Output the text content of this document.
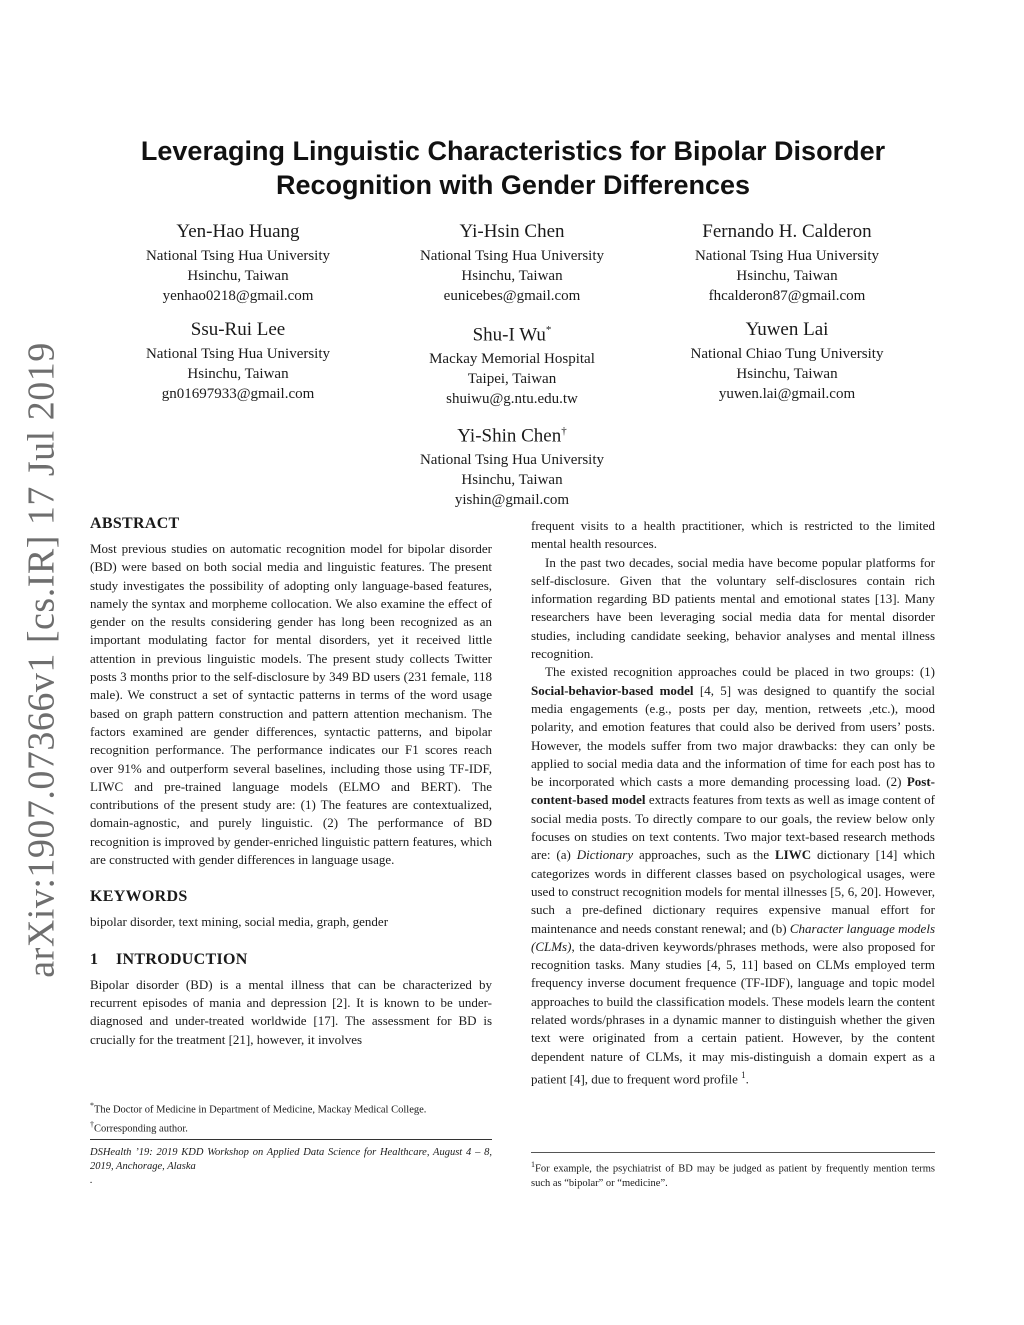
arXiv:1907.07366v1 [cs.IR] 17 Jul 2019
Leveraging Linguistic Characteristics for Bipolar Disorder
Recognition with Gender Differences
Yen-Hao Huang
National Tsing Hua University
Hsinchu, Taiwan
yenhao0218@gmail.com
Yi-Hsin Chen
National Tsing Hua University
Hsinchu, Taiwan
eunicebes@gmail.com
Fernando H. Calderon
National Tsing Hua University
Hsinchu, Taiwan
fhcalderon87@gmail.com
Ssu-Rui Lee
National Tsing Hua University
Hsinchu, Taiwan
gn01697933@gmail.com
Shu-I Wu*
Mackay Memorial Hospital
Taipei, Taiwan
shuiwu@g.ntu.edu.tw
Yuwen Lai
National Chiao Tung University
Hsinchu, Taiwan
yuwen.lai@gmail.com
Yi-Shin Chen†
National Tsing Hua University
Hsinchu, Taiwan
yishin@gmail.com
ABSTRACT

Most previous studies on automatic recognition model for bipolar disorder (BD) were based on both social media and linguistic features. The present study investigates the possibility of adopting only language-based features, namely the syntax and morpheme collocation. We also examine the effect of gender on the results considering gender has long been recognized as an important modulating factor for mental disorders, yet it received little attention in previous linguistic models. The present study collects Twitter posts 3 months prior to the self-disclosure by 349 BD users (231 female, 118 male). We construct a set of syntactic patterns in terms of the word usage based on graph pattern construction and pattern attention mechanism. The factors examined are gender differences, syntactic patterns, and bipolar recognition performance. The performance indicates our F1 scores reach over 91% and outperform several baselines, including those using TF-IDF, LIWC and pre-trained language models (ELMO and BERT). The contributions of the present study are: (1) The features are contextualized, domain-agnostic, and purely linguistic. (2) The performance of BD recognition is improved by gender-enriched linguistic pattern features, which are constructed with gender differences in language usage.

KEYWORDS

bipolar disorder, text mining, social media, graph, gender

1 INTRODUCTION

Bipolar disorder (BD) is a mental illness that can be characterized by recurrent episodes of mania and depression [2]. It is known to be under-diagnosed and under-treated worldwide [17]. The assessment for BD is crucially for the treatment [21], however, it involves

*The Doctor of Medicine in Department of Medicine, Mackay Medical College.
†Corresponding author.
DSHealth ’19: 2019 KDD Workshop on Applied Data Science for Healthcare, August 4 – 8, 2019, Anchorage, Alaska
.

frequent visits to a health practitioner, which is restricted to the limited mental health resources.

In the past two decades, social media have become popular platforms for self-disclosure. Given that the voluntary self-disclosures contain rich information regarding BD patients mental and emotional states [13]. Many researchers have been leveraging social media data for mental disorder studies, including candidate seeking, behavior analyses and mental illness recognition.

The existed recognition approaches could be placed in two groups: (1) Social-behavior-based model [4, 5] was designed to quantify the social media engagements (e.g., posts per day, mention, retweets ,etc.), mood polarity, and emotion features that could also be derived from users’ posts. However, the models suffer from two major drawbacks: they can only be applied to social media data and the information of time for each post has to be incorporated which casts a more demanding processing load. (2) Post-content-based model extracts features from texts as well as image content of social media posts. To directly compare to our goals, the review below only focuses on studies on text contents. Two major text-based research methods are: (a) Dictionary approaches, such as the LIWC dictionary [14] which categorizes words in different classes based on psychological usages, were used to construct recognition models for mental illnesses [5, 6, 20]. However, such a pre-defined dictionary requires expensive manual effort for maintenance and needs constant renewal; and (b) Character language models (CLMs), the data-driven keywords/phrases methods, were also proposed for recognition tasks. Many studies [4, 5, 11] based on CLMs employed term frequency inverse document frequence (TF-IDF), language and topic model approaches to build the classification models. These models learn the content related words/phrases in a dynamic manner to distinguish whether the given text were originated from a certain patient. However, by the content dependent nature of CLMs, it may mis-distinguish a domain expert as a patient [4], due to frequent word profile $^1$.

$^1$For example, the psychiatrist of BD may be judged as patient by frequently mention terms such as “bipolar” or “medicine”.
